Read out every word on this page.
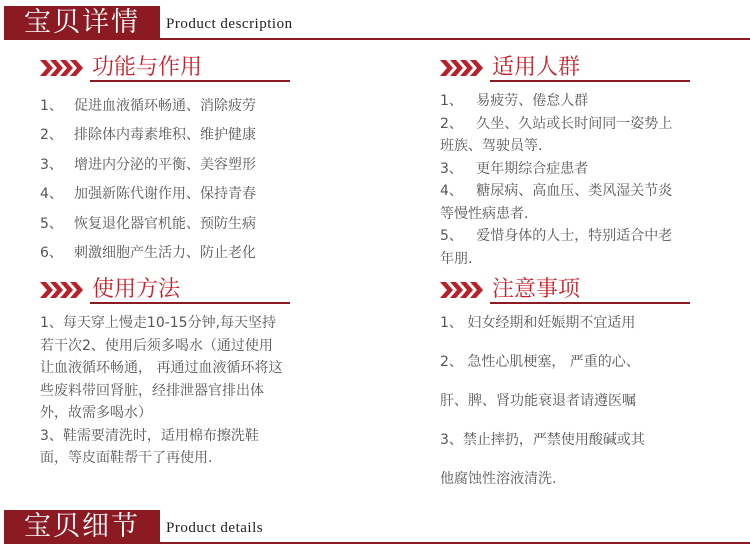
宝贝详情	Product description
功能与作用
1、 促进血液循环畅通、消除疲劳
2、 排除体内毒素堆积、维护健康
3、 增进内分泌的平衡、美容塑形
4、 加强新陈代谢作用、保持青春
5、 恢复退化器官机能、预防生病
6、 刺激细胞产生活力、防止老化
适用人群
1、 易疲劳、倦怠人群
2、 久坐、久站或长时间同一姿势上班族、驾驶员等.
3、 更年期综合症患者
4、 糖尿病、高血压、类风湿关节炎等慢性病患者.
5、 爱惜身体的人士，特别适合中老年朋.
使用方法

1、每天穿上慢走10-15分钟,每天坚持若干次2、使用后须多喝水（通过使用让血液循环畅通， 再通过血液循环将这些废料带回肾脏，经排泄器官排出体外，故需多喝水）

3、鞋需要清洗时，适用棉布擦洗鞋面，等皮面鞋帮干了再使用.

注意事项
1、 妇女经期和妊娠期不宜适用
2、 急性心肌梗塞， 严重的心、
肝、脾、肾功能衰退者请遵医嘱
3、禁止摔扔，严禁使用酸碱或其
他腐蚀性溶液清洗.
宝贝细节	Product details
